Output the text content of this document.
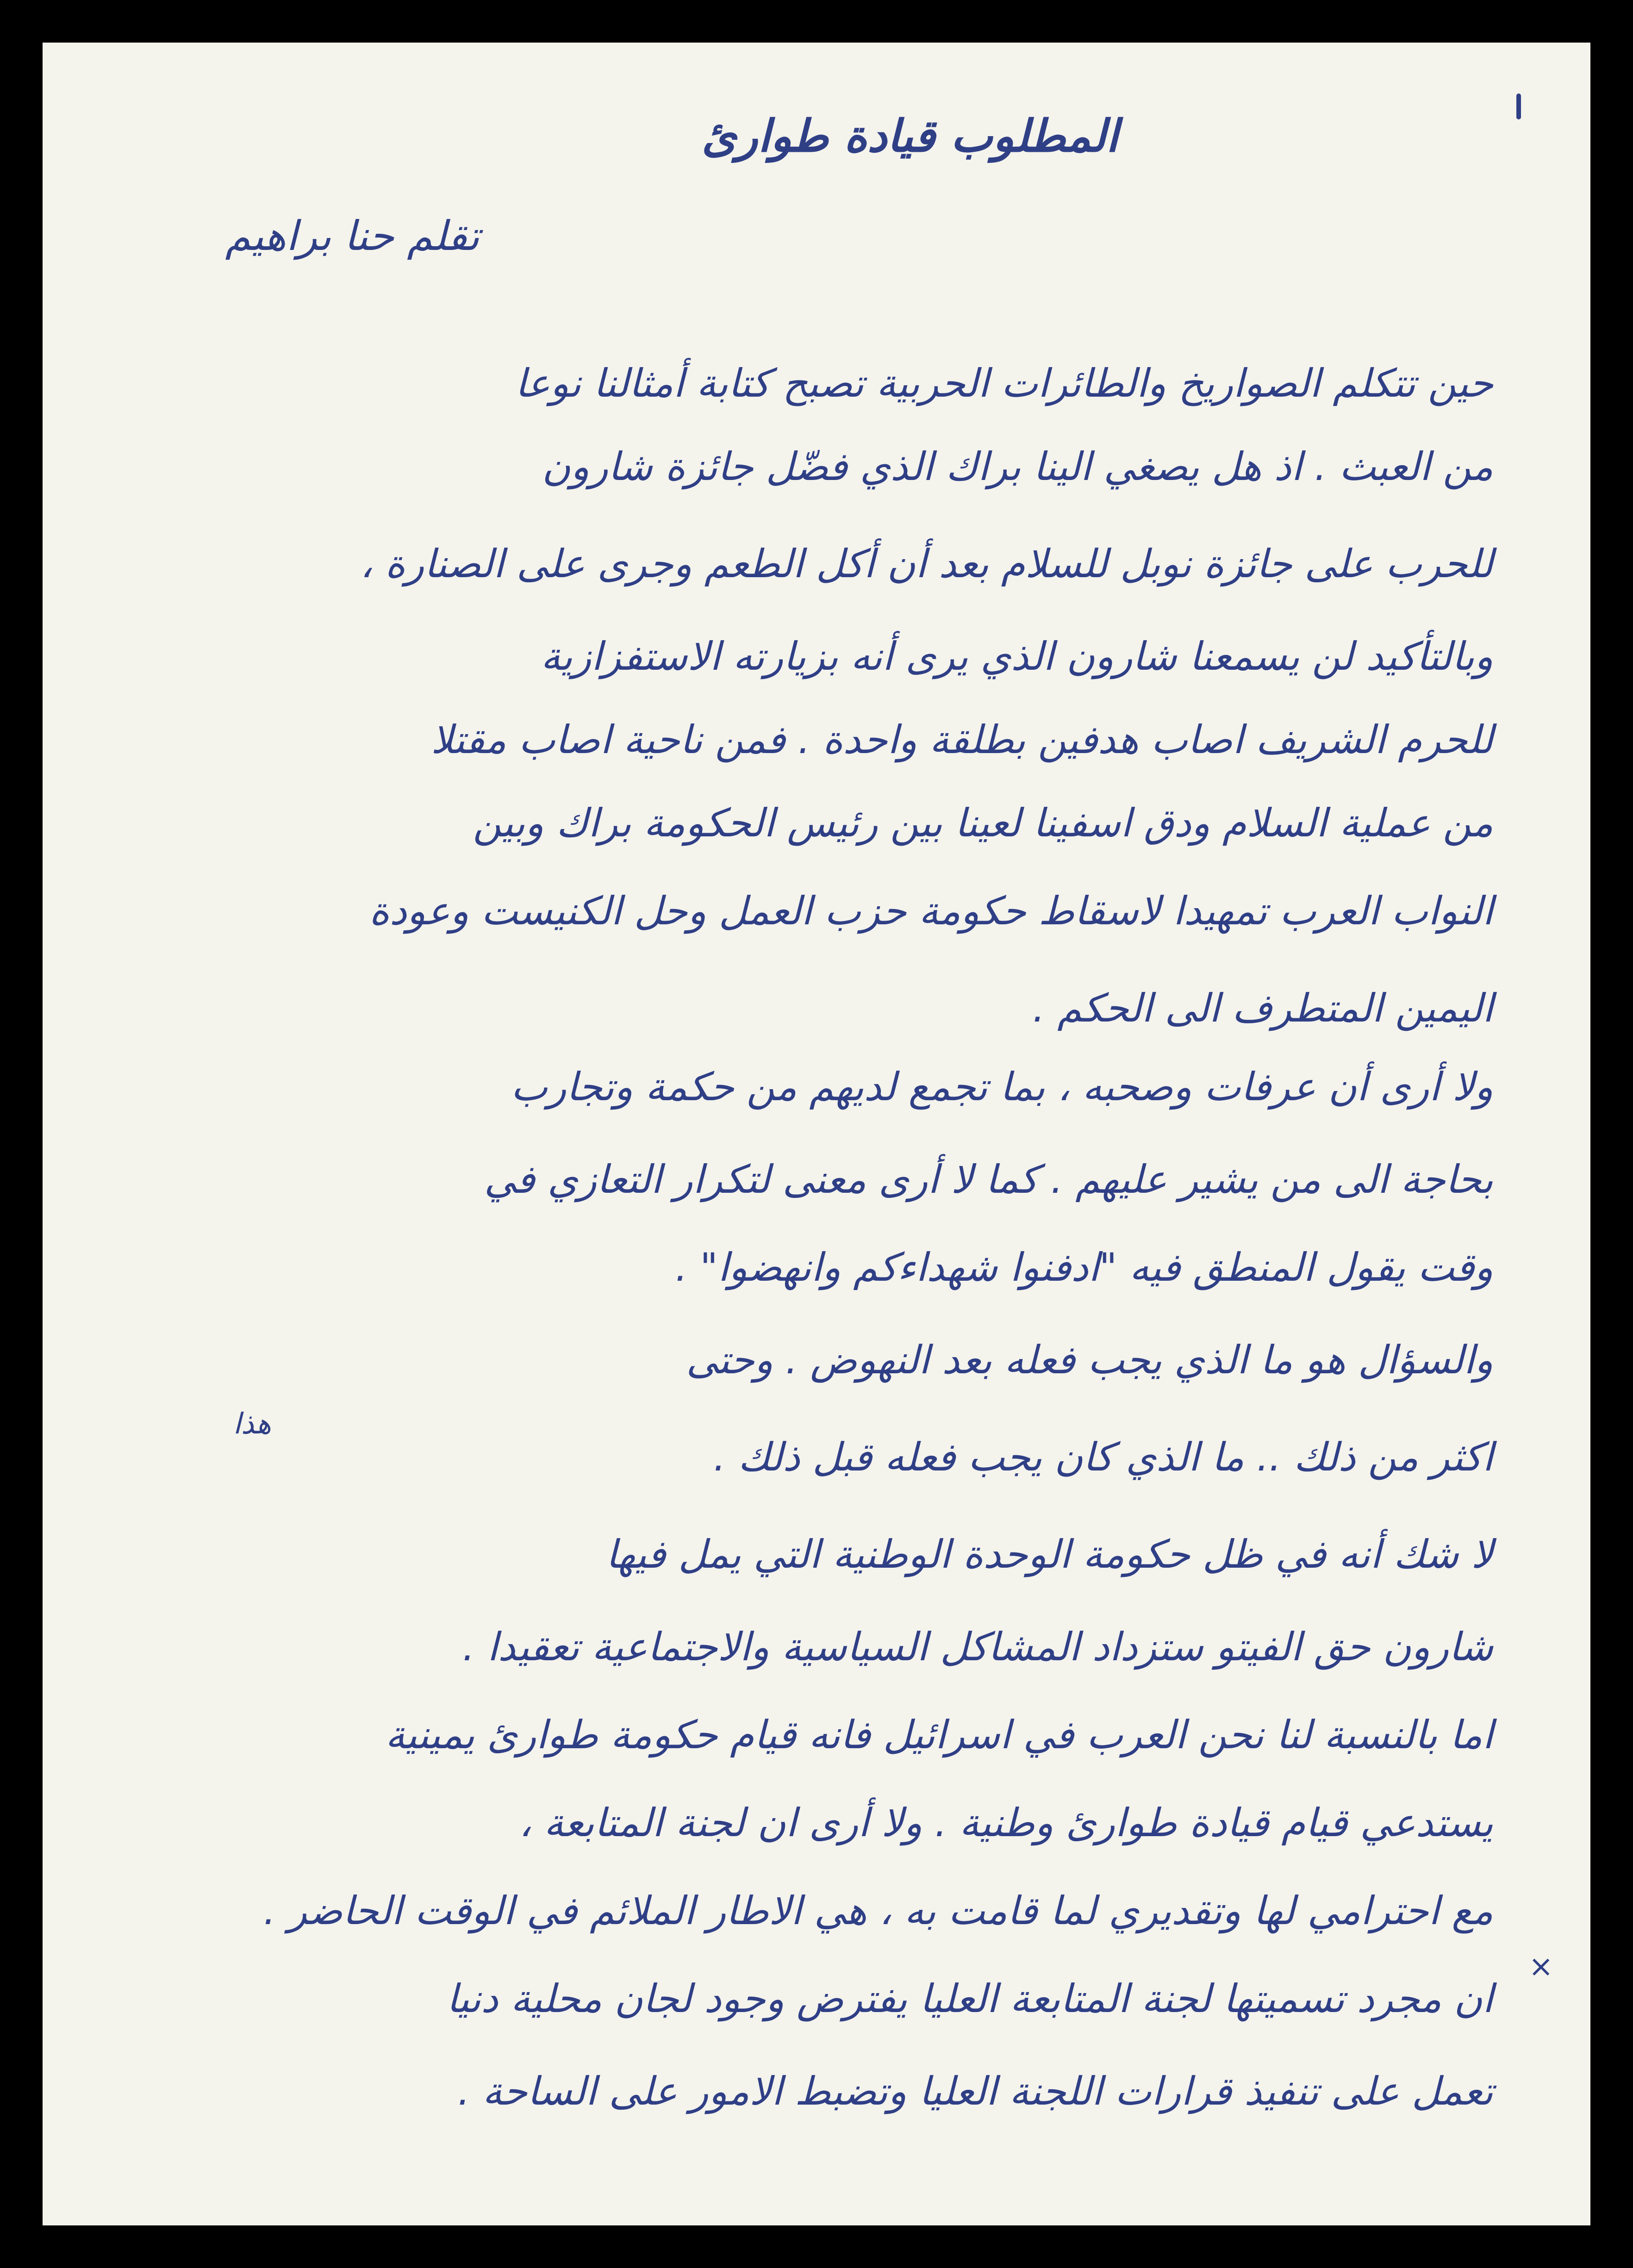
المطلوب قيادة طوارئ

تقلم حنا براهيم

حين تتكلم الصواريخ والطائرات الحربية تصبح كتابة أمثالنا نوعا

من العبث . اذ هل يصغي الينا براك الذي فضّل جائزة شارون

للحرب على جائزة نوبل للسلام بعد أن أكل الطعم وجرى على الصنارة ،

وبالتأكيد لن يسمعنا شارون الذي يرى أنه بزيارته الاستفزازية

للحرم الشريف اصاب هدفين بطلقة واحدة . فمن ناحية اصاب مقتلا

من عملية السلام ودق اسفينا لعينا بين رئيس الحكومة براك وبين

النواب العرب تمهيدا لاسقاط حكومة حزب العمل وحل الكنيست وعودة

اليمين المتطرف الى الحكم .

ولا أرى أن عرفات وصحبه ، بما تجمع لديهم من حكمة وتجارب

بحاجة الى من يشير عليهم . كما لا أرى معنى لتكرار التعازي في

وقت يقول المنطق فيه "ادفنوا شهداءكم وانهضوا" .

والسؤال هو ما الذي يجب فعله بعد النهوض . وحتى

هذا

اكثر من ذلك .. ما الذي كان يجب فعله قبل ذلك .

لا شك أنه في ظل حكومة الوحدة الوطنية التي يمل فيها

شارون حق الفيتو ستزداد المشاكل السياسية والاجتماعية تعقيدا .

اما بالنسبة لنا نحن العرب في اسرائيل فانه قيام حكومة طوارئ يمينية

يستدعي قيام قيادة طوارئ وطنية . ولا أرى ان لجنة المتابعة ،

مع احترامي لها وتقديري لما قامت به ، هي الاطار الملائم في الوقت الحاضر .

ان مجرد تسميتها لجنة المتابعة العليا يفترض وجود لجان محلية دنيا

تعمل على تنفيذ قرارات اللجنة العليا وتضبط الامور على الساحة .

×
